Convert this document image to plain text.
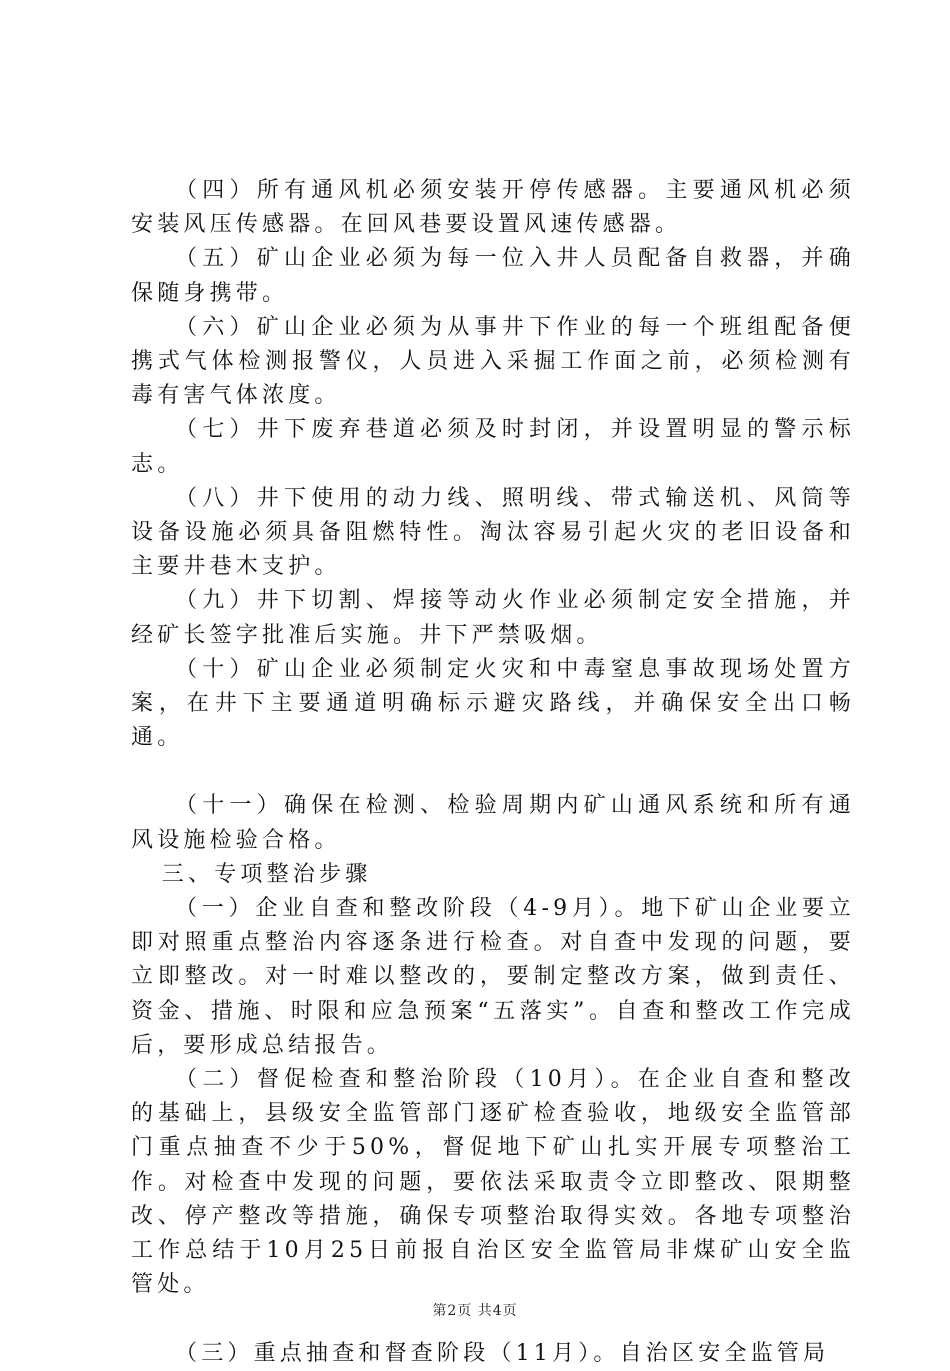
（四）所有通风机必须安装开停传感器。主要通风机必须安装风压传感器。在回风巷要设置风速传感器。

（五）矿山企业必须为每一位入井人员配备自救器，并确保随身携带。

（六）矿山企业必须为从事井下作业的每一个班组配备便携式气体检测报警仪，人员进入采掘工作面之前，必须检测有毒有害气体浓度。

（七）井下废弃巷道必须及时封闭，并设置明显的警示标志。

（八）井下使用的动力线、照明线、带式输送机、风筒等设备设施必须具备阻燃特性。淘汰容易引起火灾的老旧设备和主要井巷木支护。

（九）井下切割、焊接等动火作业必须制定安全措施，并经矿长签字批准后实施。井下严禁吸烟。

（十）矿山企业必须制定火灾和中毒窒息事故现场处置方案，在井下主要通道明确标示避灾路线，并确保安全出口畅通。

（十一）确保在检测、检验周期内矿山通风系统和所有通风设施检验合格。

三、专项整治步骤

（一）企业自查和整改阶段（4-9月）。地下矿山企业要立即对照重点整治内容逐条进行检查。对自查中发现的问题，要立即整改。对一时难以整改的，要制定整改方案，做到责任、资金、措施、时限和应急预案“五落实”。自查和整改工作完成后，要形成总结报告。

（二）督促检查和整治阶段（10月）。在企业自查和整改的基础上，县级安全监管部门逐矿检查验收，地级安全监管部门重点抽查不少于50%，督促地下矿山扎实开展专项整治工作。对检查中发现的问题，要依法采取责令立即整改、限期整改、停产整改等措施，确保专项整治取得实效。各地专项整治工作总结于10月25日前报自治区安全监管局非煤矿山安全监管处。

（三）重点抽查和督查阶段（11月）。自治区安全监管局

第2页 共4页
